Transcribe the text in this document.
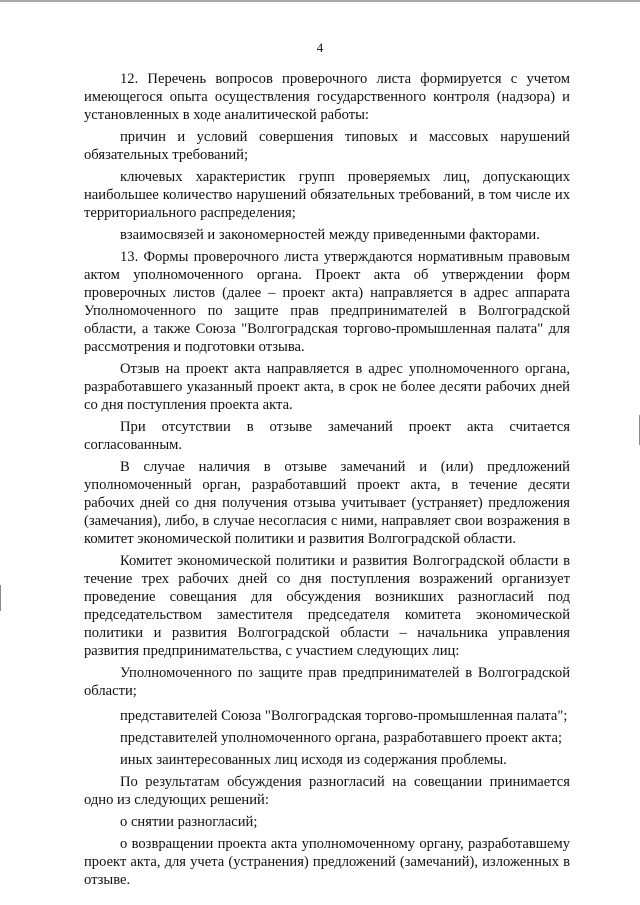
4

12. Перечень вопросов проверочного листа формируется с учетом имеющегося опыта осуществления государственного контроля (надзора) и установленных в ходе аналитической работы:

причин и условий совершения типовых и массовых нарушений обязательных требований;

ключевых характеристик групп проверяемых лиц, допускающих наибольшее количество нарушений обязательных требований, в том числе их территориального распределения;

взаимосвязей и закономерностей между приведенными факторами.

13. Формы проверочного листа утверждаются нормативным правовым актом уполномоченного органа. Проект акта об утверждении форм проверочных листов (далее – проект акта) направляется в адрес аппарата Уполномоченного по защите прав предпринимателей в Волгоградской области, а также Союза "Волгоградская торгово-промышленная палата" для рассмотрения и подготовки отзыва.

Отзыв на проект акта направляется в адрес уполномоченного органа, разработавшего указанный проект акта, в срок не более десяти рабочих дней со дня поступления проекта акта.

При отсутствии в отзыве замечаний проект акта считается согласованным.

В случае наличия в отзыве замечаний и (или) предложений уполномоченный орган, разработавший проект акта, в течение десяти рабочих дней со дня получения отзыва учитывает (устраняет) предложения (замечания), либо, в случае несогласия с ними, направляет свои возражения в комитет экономической политики и развития Волгоградской области.

Комитет экономической политики и развития Волгоградской области в течение трех рабочих дней со дня поступления возражений организует проведение совещания для обсуждения возникших разногласий под председательством заместителя председателя комитета экономической политики и развития Волгоградской области – начальника управления развития предпринимательства, с участием следующих лиц:

Уполномоченного по защите прав предпринимателей в Волгоградской области;

представителей Союза "Волгоградская торгово-промышленная палата";

представителей уполномоченного органа, разработавшего проект акта;

иных заинтересованных лиц исходя из содержания проблемы.

По результатам обсуждения разногласий на совещании принимается одно из следующих решений:

о снятии разногласий;

о возвращении проекта акта уполномоченному органу, разработавшему проект акта, для учета (устранения) предложений (замечаний), изложенных в отзыве.
